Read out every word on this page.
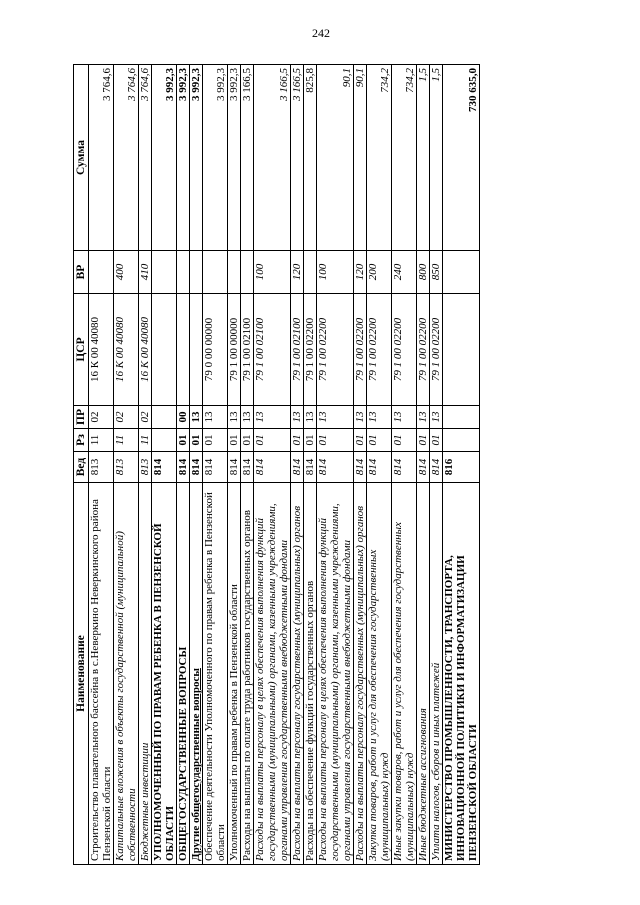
242
Наименование	Вед	Рз	ПР	ЦСР	ВР	Сумма
Строительство плавательного бассейна в с.Неверкино Неверкинского района Пензенской области	813	11	02	16 К 00 40080		3 764,6
Капитальные вложения в объекты государственной (муниципальной) собственности	813	11	02	16 К 00 40080	400	3 764,6
Бюджетные инвестиции	813	11	02	16 К 00 40080	410	3 764,6
УПОЛНОМОЧЕННЫЙ ПО ПРАВАМ РЕБЕНКА В ПЕНЗЕНСКОЙ ОБЛАСТИ	814					3 992,3
ОБЩЕГОСУДАРСТВЕННЫЕ ВОПРОСЫ	814	01	00			3 992,3
Другие общегосударственные вопросы	814	01	13			3 992,3
Обеспечение деятельности Уполномоченного по правам ребенка в Пензенской области	814	01	13	79 0 00 00000		3 992,3
Уполномоченный по правам ребенка в Пензенской области	814	01	13	79 1 00 00000		3 992,3
Расходы на выплаты по оплате труда работников государственных органов	814	01	13	79 1 00 02100		3 166,5
Расходы на выплаты персоналу в целях обеспечения выполнения функций государственными (муниципальными) органами, казенными учреждениями, органами управления государственными внебюджетными фондами	814	01	13	79 1 00 02100	100	3 166,5
Расходы на выплаты персоналу государственных (муниципальных) органов	814	01	13	79 1 00 02100	120	3 166,5
Расходы на обеспечение функций государственных органов	814	01	13	79 1 00 02200		825,8
Расходы на выплаты персоналу в целях обеспечения выполнения функций государственными (муниципальными) органами, казенными учреждениями, органами управления государственными внебюджетными фондами	814	01	13	79 1 00 02200	100	90,1
Расходы на выплаты персоналу государственных (муниципальных) органов	814	01	13	79 1 00 02200	120	90,1
Закупка товаров, работ и услуг для обеспечения государственных (муниципальных) нужд	814	01	13	79 1 00 02200	200	734,2
Иные закупки товаров, работ и услуг для обеспечения государственных (муниципальных) нужд	814	01	13	79 1 00 02200	240	734,2
Иные бюджетные ассигнования	814	01	13	79 1 00 02200	800	1,5
Уплата налогов, сборов и иных платежей	814	01	13	79 1 00 02200	850	1,5
МИНИСТЕРСТВО ПРОМЫШЛЕННОСТИ, ТРАНСПОРТА, ИННОВАЦИОННОЙ ПОЛИТИКИ И ИНФОРМАТИЗАЦИИ ПЕНЗЕНСКОЙ ОБЛАСТИ	816					730 635,0
